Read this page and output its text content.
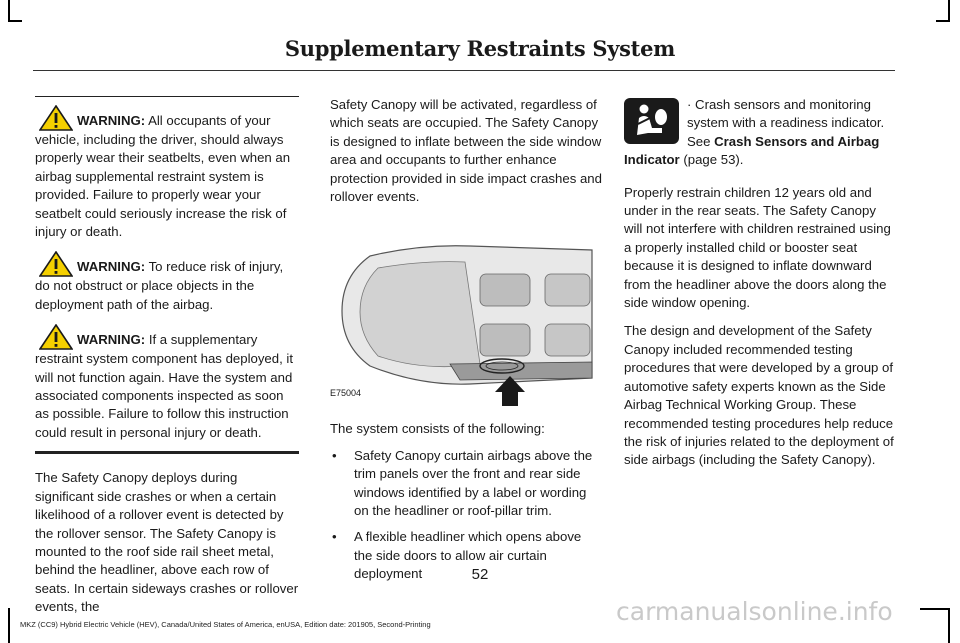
Supplementary Restraints System

WARNING: All occupants of your vehicle, including the driver, should always properly wear their seatbelts, even when an airbag supplemental restraint system is provided. Failure to properly wear your seatbelt could seriously increase the risk of injury or death.

WARNING: To reduce risk of injury, do not obstruct or place objects in the deployment path of the airbag.

WARNING: If a supplementary restraint system component has deployed, it will not function again. Have the system and associated components inspected as soon as possible. Failure to follow this instruction could result in personal injury or death.

The Safety Canopy deploys during significant side crashes or when a certain likelihood of a rollover event is detected by the rollover sensor. The Safety Canopy is mounted to the roof side rail sheet metal, behind the headliner, above each row of seats. In certain sideways crashes or rollover events, the

Safety Canopy will be activated, regardless of which seats are occupied. The Safety Canopy is designed to inflate between the side window area and occupants to further enhance protection provided in side impact crashes and rollover events.

E75004

The system consists of the following:

• Safety Canopy curtain airbags above the trim panels over the front and rear side windows identified by a label or wording on the headliner or roof-pillar trim.
• A flexible headliner which opens above the side doors to allow air curtain deployment

· Crash sensors and monitoring system with a readiness indicator. See Crash Sensors and Airbag Indicator (page 53).

Properly restrain children 12 years old and under in the rear seats. The Safety Canopy will not interfere with children restrained using a properly installed child or booster seat because it is designed to inflate downward from the headliner above the doors along the side window opening.

The design and development of the Safety Canopy included recommended testing procedures that were developed by a group of automotive safety experts known as the Side Airbag Technical Working Group. These recommended testing procedures help reduce the risk of injuries related to the deployment of side airbags (including the Safety Canopy).

52
MKZ (CC9) Hybrid Electric Vehicle (HEV), Canada/United States of America, enUSA, Edition date: 201905, Second-Printing	carmanualsonline.info
